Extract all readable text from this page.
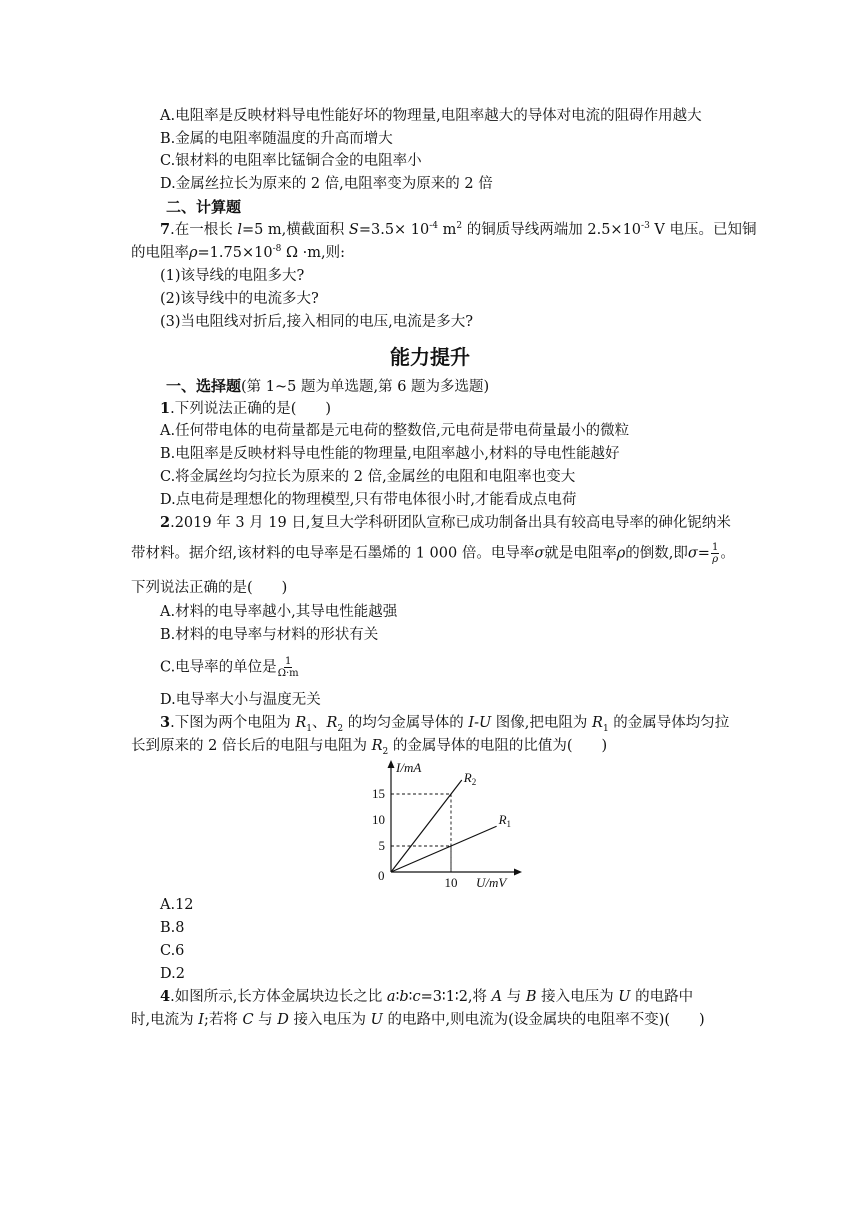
A.电阻率是反映材料导电性能好坏的物理量,电阻率越大的导体对电流的阻碍作用越大
B.金属的电阻率随温度的升高而增大
C.银材料的电阻率比锰铜合金的电阻率小
D.金属丝拉长为原来的 2 倍,电阻率变为原来的 2 倍
二、计算题
7.在一根长 l=5 m,横截面积 $S=3.5\times 10^{-4}$ $m^2$ 的铜质导线两端加 $2.5\times 10^{-3}$ V 电压。已知铜
的电阻率$\rho=1.75\times 10^{-8}$ Ω ·m,则:
(1)该导线的电阻多大?
(2)该导线中的电流多大?
(3)当电阻线对折后,接入相同的电压,电流是多大?
能力提升
一、选择题(第 1~5 题为单选题,第 6 题为多选题)
1.下列说法正确的是(　　)
A.任何带电体的电荷量都是元电荷的整数倍,元电荷是带电荷量最小的微粒
B.电阻率是反映材料导电性能的物理量,电阻率越小,材料的导电性能越好
C.将金属丝均匀拉长为原来的 2 倍,金属丝的电阻和电阻率也变大
D.点电荷是理想化的物理模型,只有带电体很小时,才能看成点电荷
2.2019 年 3 月 19 日,复旦大学科研团队宣称已成功制备出具有较高电导率的砷化铌纳米
带材料。据介绍,该材料的电导率是石墨烯的 1 000 倍。电导率σ就是电阻率ρ的倒数,即$\sigma= \frac{1}{\rho}$ 。
下列说法正确的是(　　)
A.材料的电导率越小,其导电性能越强
B.材料的电导率与材料的形状有关
C.电导率的单位是 $\frac{1}{\Omega\cdot m}$
D.电导率大小与温度无关
3.下图为两个电阻为 $R_1$、$R_2$ 的均匀金属导体的 I-U 图像,把电阻为 $R_1$ 的金属导体均匀拉
长到原来的 2 倍长后的电阻与电阻为 $R_2$ 的金属导体的电阻的比值为(　　)
I/mA
U/mV
0
5
10
15
10
$R_2$
$R_1$
A.12
B.8
C.6
D.2
4.如图所示,长方体金属块边长之比 a∶b∶c=3∶1∶2,将 A 与 B 接入电压为 U 的电路中
时,电流为 I;若将 C 与 D 接入电压为 U 的电路中,则电流为(设金属块的电阻率不变)(　　)
